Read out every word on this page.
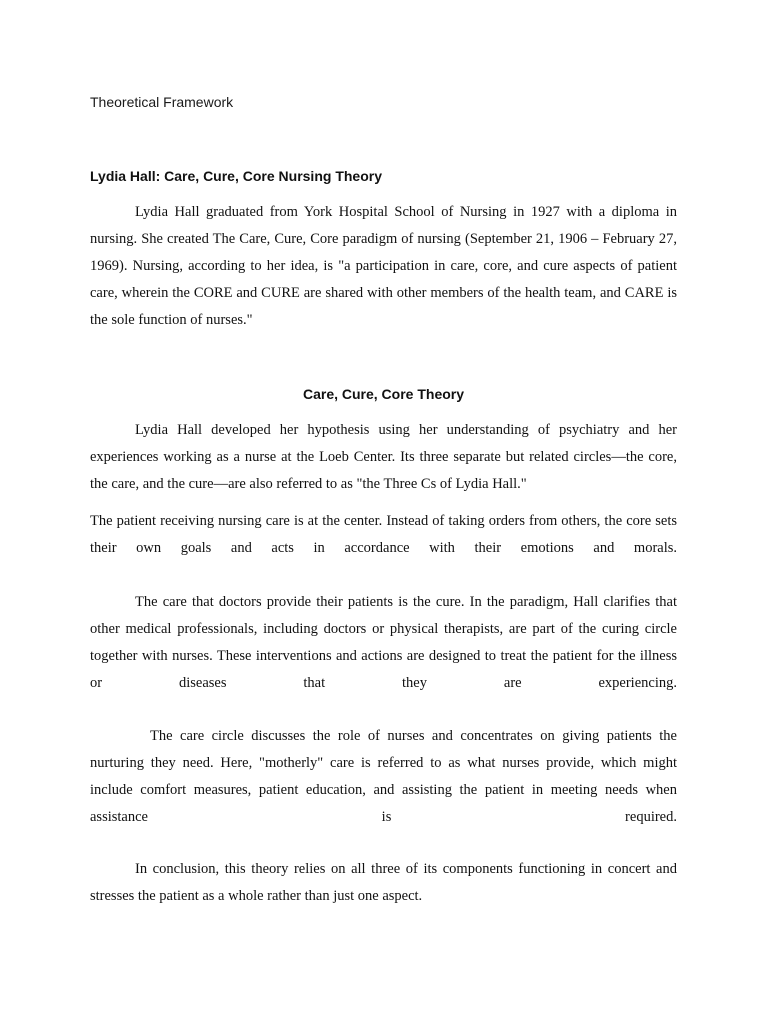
Theoretical Framework
Lydia Hall: Care, Cure, Core Nursing Theory

Lydia Hall graduated from York Hospital School of Nursing in 1927 with a diploma in nursing. She created The Care, Cure, Core paradigm of nursing (September 21, 1906 – February 27, 1969). Nursing, according to her idea, is "a participation in care, core, and cure aspects of patient care, wherein the CORE and CURE are shared with other members of the health team, and CARE is the sole function of nurses."

Care, Cure, Core Theory

Lydia Hall developed her hypothesis using her understanding of psychiatry and her experiences working as a nurse at the Loeb Center. Its three separate but related circles—the core, the care, and the cure—are also referred to as "the Three Cs of Lydia Hall."

The patient receiving nursing care is at the center. Instead of taking orders from others, the core sets their own goals and acts in accordance with their emotions and morals.

The care that doctors provide their patients is the cure. In the paradigm, Hall clarifies that other medical professionals, including doctors or physical therapists, are part of the curing circle together with nurses. These interventions and actions are designed to treat the patient for the illness or diseases that they are experiencing.

The care circle discusses the role of nurses and concentrates on giving patients the nurturing they need. Here, "motherly" care is referred to as what nurses provide, which might include comfort measures, patient education, and assisting the patient in meeting needs when assistance is required.

In conclusion, this theory relies on all three of its components functioning in concert and stresses the patient as a whole rather than just one aspect.
